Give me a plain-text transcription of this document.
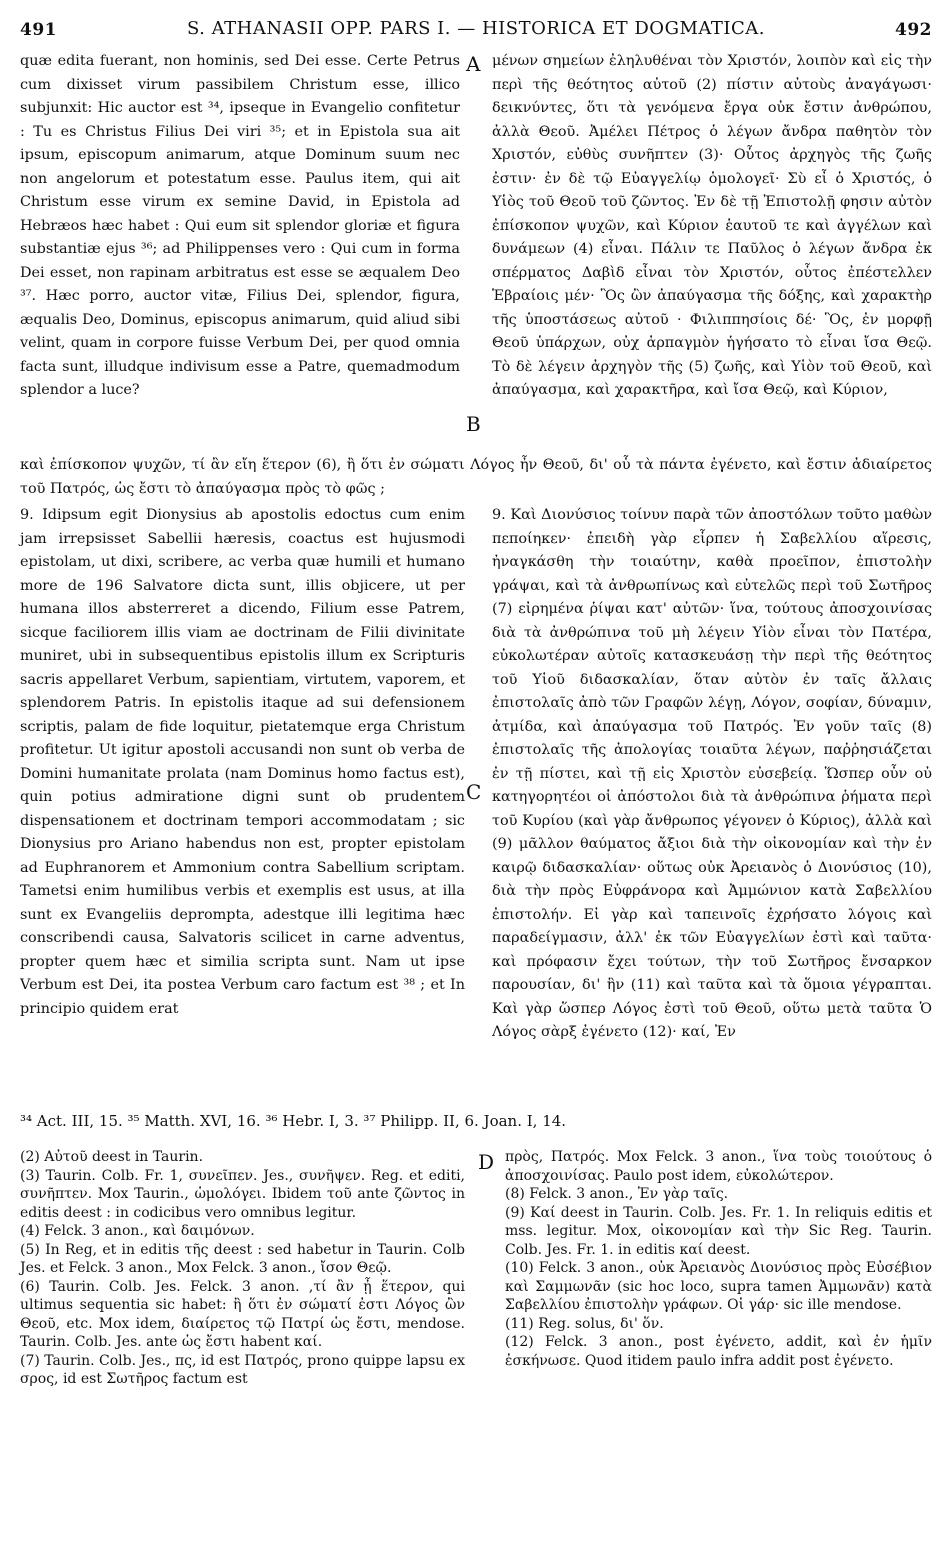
491	S. ATHANASII OPP. PARS I. — HISTORICA ET DOGMATICA.	492

quæ edita fuerant, non hominis, sed Dei esse. Certe Petrus cum dixisset virum passibilem Christum esse, illico subjunxit: Hic auctor est ³⁴, ipseque in Evangelio confitetur : Tu es Christus Filius Dei viri ³⁵; et in Epistola sua ait ipsum, episcopum animarum, atque Dominum suum nec non angelorum et potestatum esse. Paulus item, qui ait Christum esse virum ex semine David, in Epistola ad Hebræos hæc habet : Qui eum sit splendor gloriæ et figura substantiæ ejus ³⁶; ad Philippenses vero : Qui cum in forma Dei esset, non rapinam arbitratus est esse se æqualem Deo ³⁷. Hæc porro, auctor vitæ, Filius Dei, splendor, figura, æqualis Deo, Dominus, episcopus animarum, quid aliud sibi velint, quam in corpore fuisse Verbum Dei, per quod omnia facta sunt, illudque indivisum esse a Patre, quemadmodum splendor a luce?

A
B

μένων σημείων ἐληλυθέναι τὸν Χριστόν, λοιπὸν καὶ εἰς τὴν περὶ τῆς θεότητος αὐτοῦ (2) πίστιν αὐτοὺς ἀναγάγωσι· δεικνύντες, ὅτι τὰ γενόμενα ἔργα οὐκ ἔστιν ἀνθρώπου, ἀλλὰ Θεοῦ. Ἀμέλει Πέτρος ὁ λέγων ἄνδρα παθητὸν τὸν Χριστόν, εὐθὺς συνῆπτεν (3)· Οὗτος ἀρχηγὸς τῆς ζωῆς ἐστιν· ἐν δὲ τῷ Εὐαγγελίῳ ὁμολογεῖ· Σὺ εἶ ὁ Χριστός, ὁ Υἱὸς τοῦ Θεοῦ τοῦ ζῶντος. Ἐν δὲ τῇ Ἐπιστολῇ φησιν αὐτὸν ἐπίσκοπον ψυχῶν, καὶ Κύριον ἑαυτοῦ τε καὶ ἀγγέλων καὶ δυνάμεων (4) εἶναι. Πάλιν τε Παῦλος ὁ λέγων ἄνδρα ἐκ σπέρματος Δαβὶδ εἶναι τὸν Χριστόν, οὗτος ἐπέστελλεν Ἑβραίοις μέν· Ὃς ὢν ἀπαύγασμα τῆς δόξης, καὶ χαρακτὴρ τῆς ὑποστάσεως αὐτοῦ · Φιλιππησίοις δέ· Ὃς, ἐν μορφῇ Θεοῦ ὑπάρχων, οὐχ ἁρπαγμὸν ἡγήσατο τὸ εἶναι ἴσα Θεῷ. Τὸ δὲ λέγειν ἀρχηγὸν τῆς (5) ζωῆς, καὶ Υἱὸν τοῦ Θεοῦ, καὶ ἀπαύγασμα, καὶ χαρακτῆρα, καὶ ἴσα Θεῷ, καὶ Κύριον,

καὶ ἐπίσκοπον ψυχῶν, τί ἂν εἴη ἕτερον (6), ἢ ὅτι ἐν σώματι Λόγος ἦν Θεοῦ, δι' οὗ τὰ πάντα ἐγένετο, καὶ ἔστιν ἀδιαίρετος τοῦ Πατρός, ὡς ἔστι τὸ ἀπαύγασμα πρὸς τὸ φῶς ;

9. Idipsum egit Dionysius ab apostolis edoctus cum enim jam irrepsisset Sabellii hæresis, coactus est hujusmodi epistolam, ut dixi, scribere, ac verba quæ humili et humano more de 196 Salvatore dicta sunt, illis objicere, ut per humana illos absterreret a dicendo, Filium esse Patrem, sicque faciliorem illis viam ae doctrinam de Filii divinitate muniret, ubi in subsequentibus epistolis illum ex Scripturis sacris appellaret Verbum, sapientiam, virtutem, vaporem, et splendorem Patris. In epistolis itaque ad sui defensionem scriptis, palam de fide loquitur, pietatemque erga Christum profitetur. Ut igitur apostoli accusandi non sunt ob verba de Domini humanitate prolata (nam Dominus homo factus est), quin potius admiratione digni sunt ob prudentem dispensationem et doctrinam tempori accommodatam ; sic Dionysius pro Ariano habendus non est, propter epistolam ad Euphranorem et Ammonium contra Sabellium scriptam. Tametsi enim humilibus verbis et exemplis est usus, at illa sunt ex Evangeliis deprompta, adestque illi legitima hæc conscribendi causa, Salvatoris scilicet in carne adventus, propter quem hæc et similia scripta sunt. Nam ut ipse Verbum est Dei, ita postea Verbum caro factum est ³⁸ ; et In principio quidem erat

C

9. Καὶ Διονύσιος τοίνυν παρὰ τῶν ἀποστόλων τοῦτο μαθὼν πεποίηκεν· ἐπειδὴ γὰρ εἷρπεν ἡ Σαβελλίου αἵρεσις, ἠναγκάσθη τὴν τοιαύτην, καθὰ προεῖπον, ἐπιστολὴν γράψαι, καὶ τὰ ἀνθρωπίνως καὶ εὐτελῶς περὶ τοῦ Σωτῆρος (7) εἰρημένα ῥίψαι κατ' αὐτῶν· ἵνα, τούτους ἀποσχοινίσας διὰ τὰ ἀνθρώπινα τοῦ μὴ λέγειν Υἱὸν εἶναι τὸν Πατέρα, εὐκολωτέραν αὐτοῖς κατασκευάσῃ τὴν περὶ τῆς θεότητος τοῦ Υἱοῦ διδασκαλίαν, ὅταν αὐτὸν ἐν ταῖς ἄλλαις ἐπιστολαῖς ἀπὸ τῶν Γραφῶν λέγῃ, Λόγον, σοφίαν, δύναμιν, ἀτμίδα, καὶ ἀπαύγασμα τοῦ Πατρός. Ἐν γοῦν ταῖς (8) ἐπιστολαῖς τῆς ἀπολογίας τοιαῦτα λέγων, παῤῥησιάζεται ἐν τῇ πίστει, καὶ τῇ εἰς Χριστὸν εὐσεβείᾳ. Ὥσπερ οὖν οὐ κατηγορητέοι οἱ ἀπόστολοι διὰ τὰ ἀνθρώπινα ῥήματα περὶ τοῦ Κυρίου (καὶ γὰρ ἄνθρωπος γέγονεν ὁ Κύριος), ἀλλὰ καὶ (9) μᾶλλον θαύματος ἄξιοι διὰ τὴν οἰκονομίαν καὶ τὴν ἐν καιρῷ διδασκαλίαν· οὕτως οὐκ Ἀρειανὸς ὁ Διονύσιος (10), διὰ τὴν πρὸς Εὐφράνορα καὶ Ἀμμώνιον κατὰ Σαβελλίου ἐπιστολήν. Εἰ γὰρ καὶ ταπεινοῖς ἐχρήσατο λόγοις καὶ παραδείγμασιν, ἀλλ' ἐκ τῶν Εὐαγγελίων ἐστὶ καὶ ταῦτα· καὶ πρόφασιν ἔχει τούτων, τὴν τοῦ Σωτῆρος ἔνσαρκον παρουσίαν, δι' ἣν (11) καὶ ταῦτα καὶ τὰ ὅμοια γέγραπται. Καὶ γὰρ ὥσπερ Λόγος ἐστὶ τοῦ Θεοῦ, οὕτω μετὰ ταῦτα Ὁ Λόγος σὰρξ ἐγένετο (12)· καί, Ἐν

³⁴ Act. III, 15. ³⁵ Matth. XVI, 16. ³⁶ Hebr. I, 3. ³⁷ Philipp. II, 6. Joan. I, 14.

(2) Αὐτοῦ deest in Taurin.

(3) Taurin. Colb. Fr. 1, συνεῖπεν. Jes., συνῆψεν. Reg. et editi, συνῆπτεν. Mox Taurin., ὡμολόγει. Ibidem τοῦ ante ζῶντος in editis deest : in codicibus vero omnibus legitur.

(4) Felck. 3 anon., καὶ δαιμόνων.

(5) In Reg, et in editis τῆς deest : sed habetur in Taurin. Colb Jes. et Felck. 3 anon., Mox Felck. 3 anon., ἴσον Θεῷ.

(6) Taurin. Colb. Jes. Felck. 3 anon. ,τί ἂν ᾖ ἕτερον, qui ultimus sequentia sic habet: ἢ ὅτι ἐν σώματί ἐστι Λόγος ὢν Θεοῦ, etc. Mox idem, διαίρετος τῷ Πατρί ὡς ἔστι, mendose. Taurin. Colb. Jes. ante ὡς ἔστι habent καί.

(7) Taurin. Colb. Jes., πς, id est Πατρός, prono quippe lapsu ex σρος, id est Σωτῆρος factum est

D πρὸς, Πατρός. Mox Felck. 3 anon., ἵνα τοὺς τοιούτους ὁ ἀποσχοινίσας. Paulo post idem, εὐκολώτερον.

(8) Felck. 3 anon., Ἐν γὰρ ταῖς.

(9) Καί deest in Taurin. Colb. Jes. Fr. 1. In reliquis editis et mss. legitur. Mox, οἰκονομίαν καὶ τὴν Sic Reg. Taurin. Colb. Jes. Fr. 1. in editis καί deest.

(10) Felck. 3 anon., οὐκ Ἀρειανὸς Διονύσιος πρὸς Εὐσέβιον καὶ Σαμμωνᾶν (sic hoc loco, supra tamen Ἀμμωνᾶν) κατὰ Σαβελλίου ἐπιστολὴν γράφων. Οἱ γάρ· sic ille mendose.

(11) Reg. solus, δι' ὅν.

(12) Felck. 3 anon., post ἐγένετο, addit, καὶ ἐν ἡμῖν ἐσκήνωσε. Quod itidem paulo infra addit post ἐγένετο.
